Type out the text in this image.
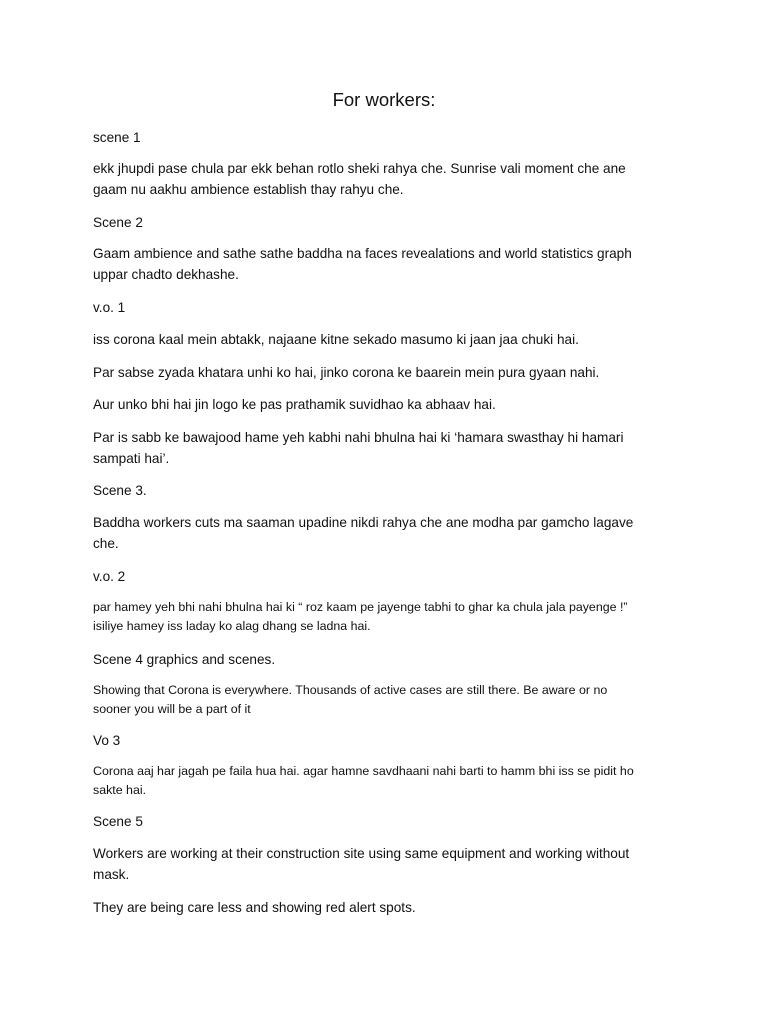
For workers:

scene 1

ekk jhupdi pase chula par ekk behan rotlo sheki rahya che. Sunrise vali moment che ane
gaam nu aakhu ambience establish thay rahyu che.

Scene 2

Gaam ambience and sathe sathe baddha na faces revealations and world statistics graph
uppar chadto dekhashe.

v.o. 1

iss corona kaal mein abtakk, najaane kitne sekado masumo ki jaan jaa chuki hai.

Par sabse zyada khatara unhi ko hai, jinko corona ke baarein mein pura gyaan nahi.

Aur unko bhi hai jin logo ke pas prathamik suvidhao ka abhaav hai.

Par is sabb ke bawajood hame yeh kabhi nahi bhulna hai ki ‘hamara swasthay hi hamari
sampati hai’.

Scene 3.

Baddha workers cuts ma saaman upadine nikdi rahya che ane modha par gamcho lagave
che.

v.o. 2

par hamey yeh bhi nahi bhulna hai ki “ roz kaam pe jayenge tabhi to ghar ka chula jala payenge !”
isiliye hamey iss laday ko alag dhang se ladna hai.

Scene 4 graphics and scenes.

Showing that Corona is everywhere. Thousands of active cases are still there. Be aware or no
sooner you will be a part of it

Vo 3

Corona aaj har jagah pe faila hua hai. agar hamne savdhaani nahi barti to hamm bhi iss se pidit ho
sakte hai.

Scene 5

Workers are working at their construction site using same equipment and working without
mask.

They are being care less and showing red alert spots.
